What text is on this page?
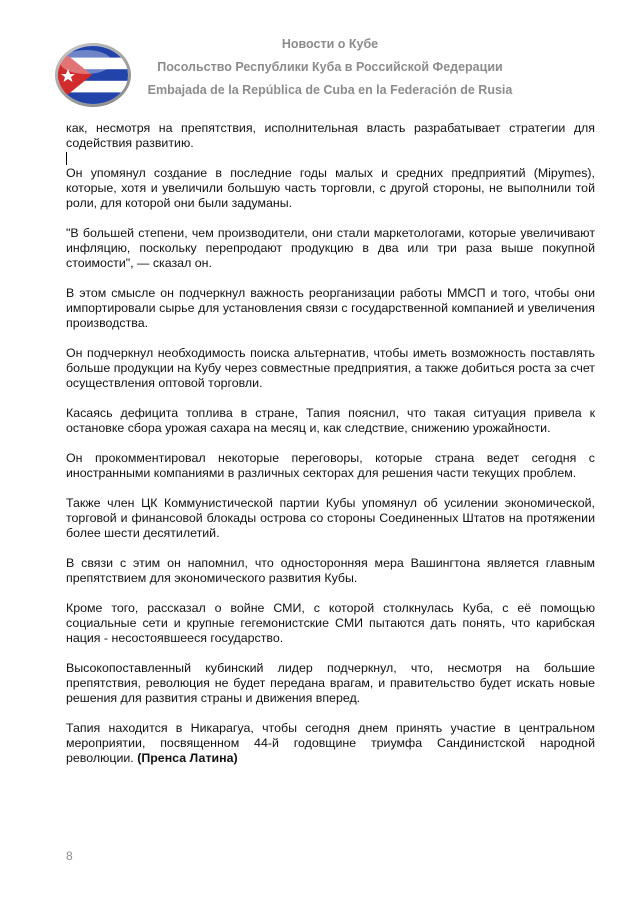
Новости о Кубе
Посольство Республики Куба в Российской Федерации
Embajada de la República de Cuba en la Federación de Rusia

как, несмотря на препятствия, исполнительная власть разрабатывает стратегии для содействия развитию.

Он упомянул создание в последние годы малых и средних предприятий (Mipymes), которые, хотя и увеличили большую часть торговли, с другой стороны, не выполнили той роли, для которой они были задуманы.

"В большей степени, чем производители, они стали маркетологами, которые увеличивают инфляцию, поскольку перепродают продукцию в два или три раза выше покупной стоимости", — сказал он.

В этом смысле он подчеркнул важность реорганизации работы ММСП и того, чтобы они импортировали сырье для установления связи с государственной компанией и увеличения производства.

Он подчеркнул необходимость поиска альтернатив, чтобы иметь возможность поставлять больше продукции на Кубу через совместные предприятия, а также добиться роста за счет осуществления оптовой торговли.

Касаясь дефицита топлива в стране, Тапия пояснил, что такая ситуация привела к остановке сбора урожая сахара на месяц и, как следствие, снижению урожайности.

Он прокомментировал некоторые переговоры, которые страна ведет сегодня с иностранными компаниями в различных секторах для решения части текущих проблем.

Также член ЦК Коммунистической партии Кубы упомянул об усилении экономической, торговой и финансовой блокады острова со стороны Соединенных Штатов на протяжении более шести десятилетий.

В связи с этим он напомнил, что односторонняя мера Вашингтона является главным препятствием для экономического развития Кубы.

Кроме того, рассказал о войне СМИ, с которой столкнулась Куба, с её помощью социальные сети и крупные гегемонистские СМИ пытаются дать понять, что карибская нация - несостоявшееся государство.

Высокопоставленный кубинский лидер подчеркнул, что, несмотря на большие препятствия, революция не будет передана врагам, и правительство будет искать новые решения для развития страны и движения вперед.

Тапия находится в Никарагуа, чтобы сегодня днем принять участие в центральном мероприятии, посвященном 44-й годовщине триумфа Сандинистской народной революции. (Пренса Латина)

8
